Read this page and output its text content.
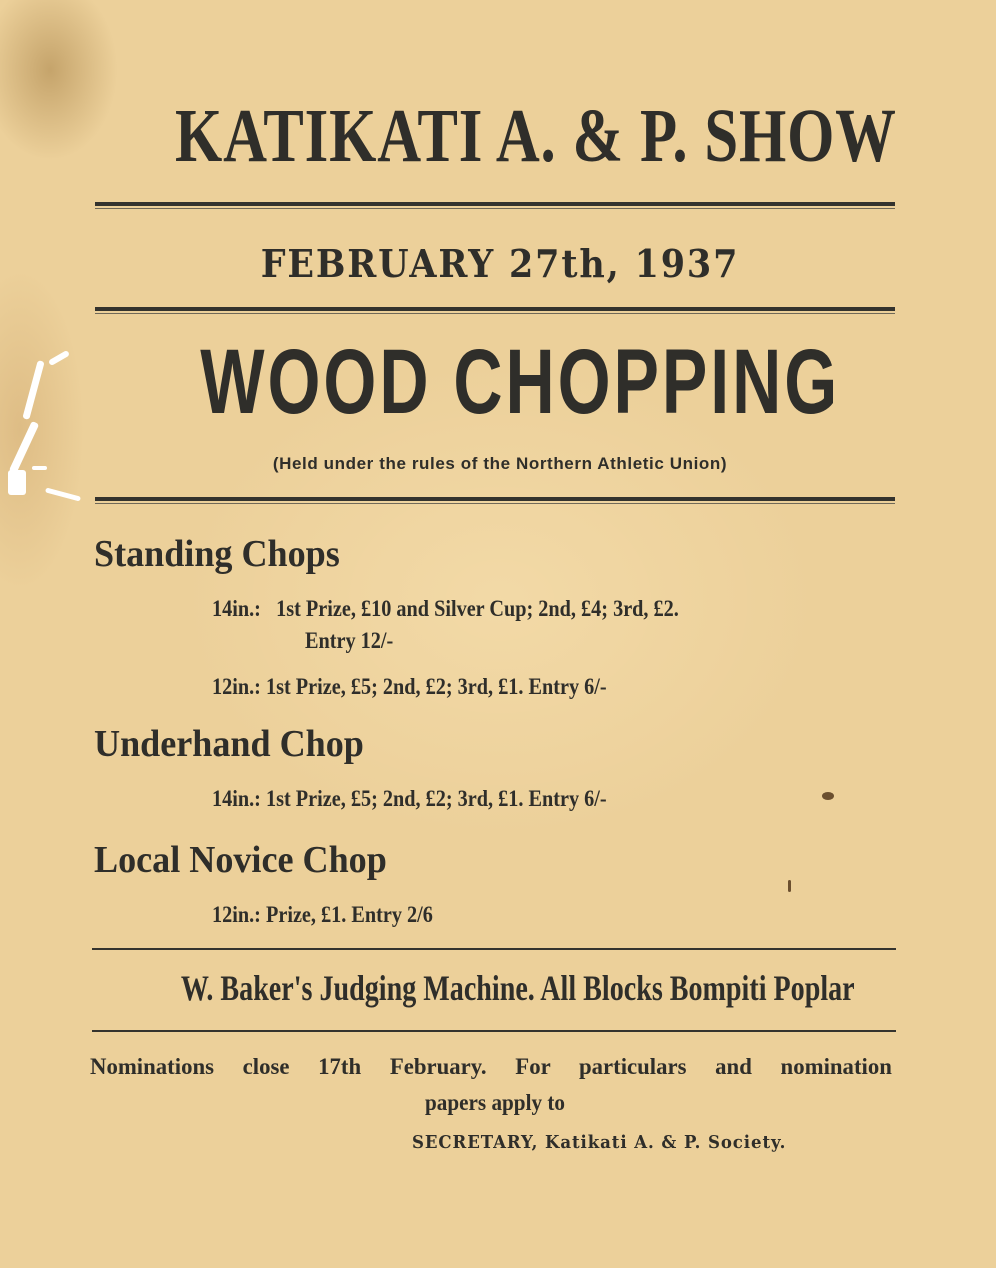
KATIKATI A. & P. SHOW
FEBRUARY 27th, 1937
WOOD CHOPPING
(Held under the rules of the Northern Athletic Union)
Standing Chops
14in.: 1st Prize, £10 and Silver Cup; 2nd, £4; 3rd, £2.
Entry 12/-
12in.: 1st Prize, £5; 2nd, £2; 3rd, £1. Entry 6/-
Underhand Chop
14in.: 1st Prize, £5; 2nd, £2; 3rd, £1. Entry 6/-
Local Novice Chop
12in.: Prize, £1. Entry 2/6
W. Baker's Judging Machine. All Blocks Bompiti Poplar
Nominations close 17th February. For particulars and nomination
papers apply to
SECRETARY, Katikati A. & P. Society.
